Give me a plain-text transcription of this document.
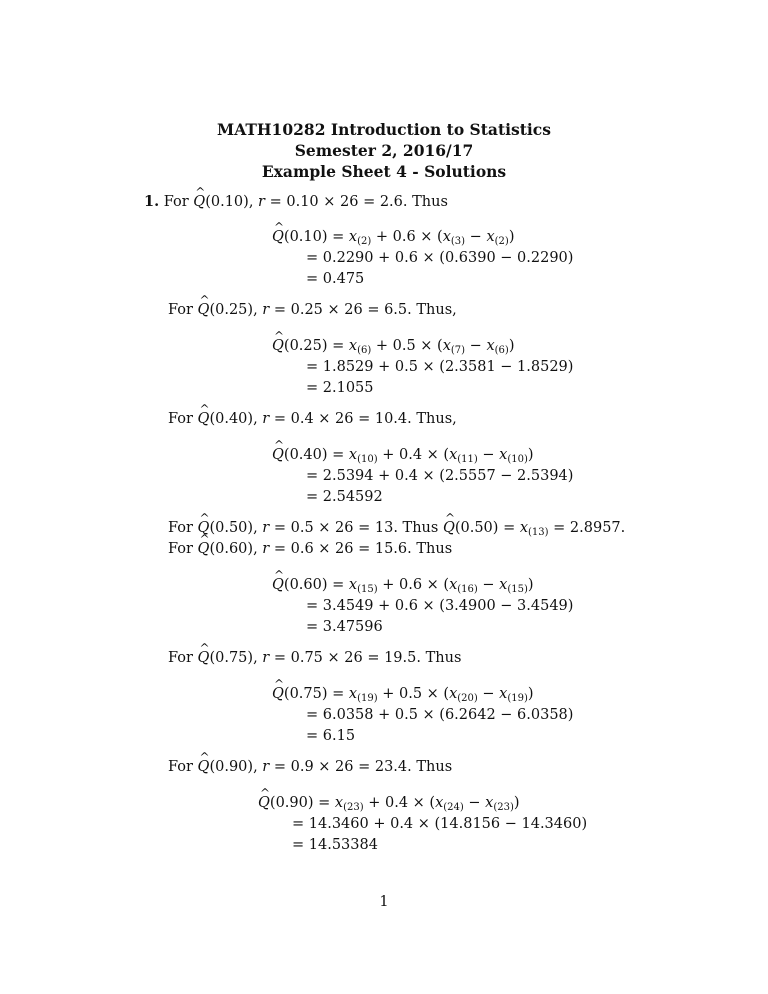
MATH10282 Introduction to Statistics
Semester 2, 2016/17
Example Sheet 4 - Solutions
1. For ^ Q(0.10), r = 0.10 × 26 = 2.6. Thus
^ $Q(0.10) = x_{(2)} + 0.6 \times (x_{(3)} - x_{(2)})$
= 0.2290 + 0.6 × (0.6390 − 0.2290)
= 0.475
For ^ Q(0.25), r = 0.25 × 26 = 6.5. Thus,
^ $Q(0.25) = x_{(6)} + 0.5 \times (x_{(7)} - x_{(6)})$
= 1.8529 + 0.5 × (2.3581 − 1.8529)
= 2.1055
For ^ Q(0.40), r = 0.4 × 26 = 10.4. Thus,
^ $Q(0.40) = x_{(10)} + 0.4 \times (x_{(11)} - x_{(10)})$
= 2.5394 + 0.4 × (2.5557 − 2.5394)
= 2.54592
For ^ Q(0.50), r = 0.5 × 26 = 13. Thus ^ $Q(0.50) = x_{(13)} = 2.8957$.
For ^ Q(0.60), r = 0.6 × 26 = 15.6. Thus
^ $Q(0.60) = x_{(15)} + 0.6 \times (x_{(16)} - x_{(15)})$
= 3.4549 + 0.6 × (3.4900 − 3.4549)
= 3.47596
For ^ Q(0.75), r = 0.75 × 26 = 19.5. Thus
^ $Q(0.75) = x_{(19)} + 0.5 \times (x_{(20)} - x_{(19)})$
= 6.0358 + 0.5 × (6.2642 − 6.0358)
= 6.15
For ^ Q(0.90), r = 0.9 × 26 = 23.4. Thus
^ $Q(0.90) = x_{(23)} + 0.4 \times (x_{(24)} - x_{(23)})$
= 14.3460 + 0.4 × (14.8156 − 14.3460)
= 14.53384
1
